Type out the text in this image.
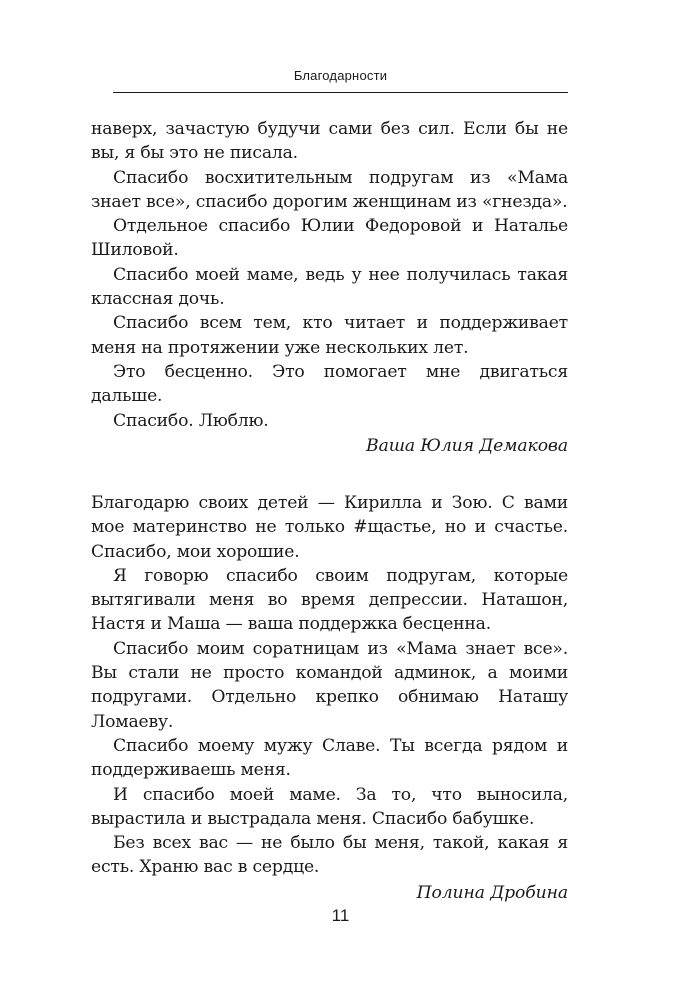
Благодарности

наверх, зачастую будучи сами без сил. Если бы не вы, я бы это не писала.

Спасибо восхитительным подругам из «Мама знает все», спасибо дорогим женщинам из «гнезда».

Отдельное спасибо Юлии Федоровой и Наталье Шиловой.

Спасибо моей маме, ведь у нее получилась такая классная дочь.

Спасибо всем тем, кто читает и поддерживает меня на протяжении уже нескольких лет.

Это бесценно. Это помогает мне двигаться дальше.

Спасибо. Люблю.

Ваша Юлия Демакова

Благодарю своих детей — Кирилла и Зою. С вами мое материнство не только #щастье, но и счастье. Спасибо, мои хорошие.

Я говорю спасибо своим подругам, которые вытягивали меня во время депрессии. Наташон, Настя и Маша — ваша поддержка бесценна.

Спасибо моим соратницам из «Мама знает все». Вы стали не просто командой админок, а моими подругами. Отдельно крепко обнимаю Наташу Ломаеву.

Спасибо моему мужу Славе. Ты всегда рядом и поддерживаешь меня.

И спасибо моей маме. За то, что выносила, вырастила и выстрадала меня. Спасибо бабушке.

Без всех вас — не было бы меня, такой, какая я есть. Храню вас в сердце.

Полина Дробина
11
